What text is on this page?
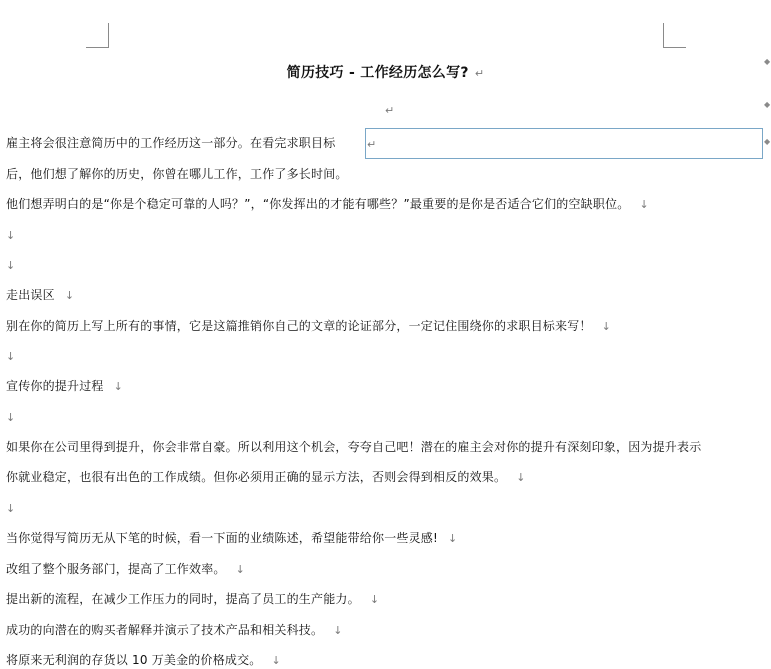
简历技巧 - 工作经历怎么写? ↵
↵
◆
◆
◆
↵
雇主将会很注意简历中的工作经历这一部分。在看完求职目标
后，他们想了解你的历史，你曾在哪儿工作，工作了多长时间。
他们想弄明白的是“你是个稳定可靠的人吗？”，“你发挥出的才能有哪些？”最重要的是你是否适合它们的空缺职位。 ↓
↓
↓
走出误区 ↓
别在你的简历上写上所有的事情，它是这篇推销你自己的文章的论证部分，一定记住围绕你的求职目标来写！ ↓
↓
宣传你的提升过程 ↓
↓
如果你在公司里得到提升，你会非常自豪。所以利用这个机会，夸夸自己吧！潜在的雇主会对你的提升有深刻印象，因为提升表示
你就业稳定，也很有出色的工作成绩。但你必须用正确的显示方法，否则会得到相反的效果。 ↓
↓
当你觉得写简历无从下笔的时候，看一下面的业绩陈述，希望能带给你一些灵感! ↓
改组了整个服务部门，提高了工作效率。 ↓
提出新的流程，在减少工作压力的同时，提高了员工的生产能力。 ↓
成功的向潜在的购买者解释并演示了技术产品和相关科技。 ↓
将原来无利润的存货以 10 万美金的价格成交。 ↓
